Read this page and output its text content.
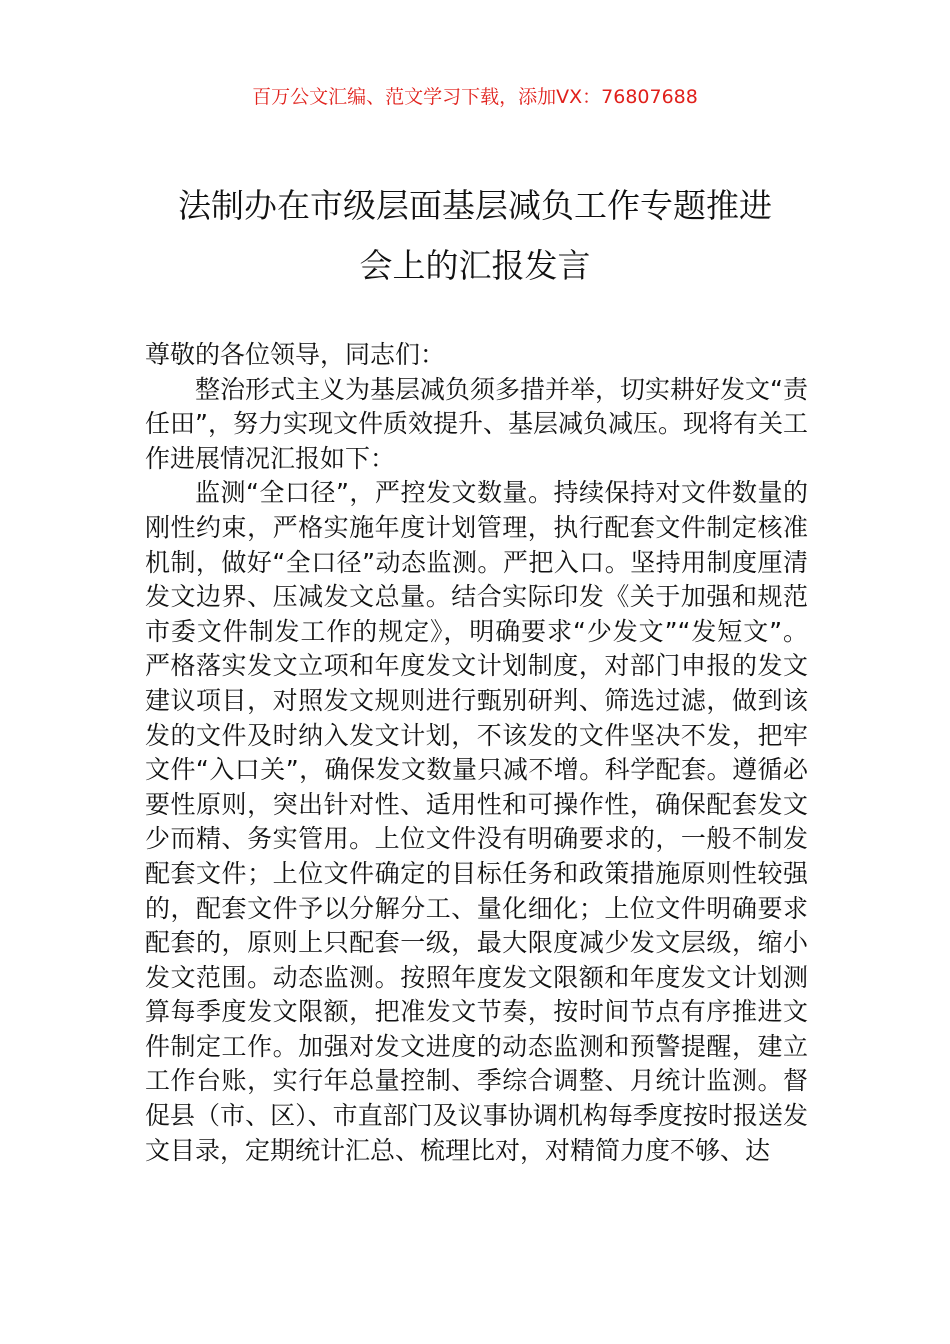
百万公文汇编、范文学习下载，添加VX：76807688
法制办在市级层面基层减负工作专题推进
会上的汇报发言

尊敬的各位领导，同志们：

整治形式主义为基层减负须多措并举，切实耕好发文“责任田”，努力实现文件质效提升、基层减负减压。现将有关工作进展情况汇报如下：

监测“全口径”，严控发文数量。持续保持对文件数量的刚性约束，严格实施年度计划管理，执行配套文件制定核准机制，做好“全口径”动态监测。严把入口。坚持用制度厘清发文边界、压减发文总量。结合实际印发《关于加强和规范市委文件制发工作的规定》，明确要求“少发文”“发短文”。严格落实发文立项和年度发文计划制度，对部门申报的发文建议项目，对照发文规则进行甄别研判、筛选过滤，做到该发的文件及时纳入发文计划，不该发的文件坚决不发，把牢文件“入口关”，确保发文数量只减不增。科学配套。遵循必要性原则，突出针对性、适用性和可操作性，确保配套发文少而精、务实管用。上位文件没有明确要求的，一般不制发配套文件；上位文件确定的目标任务和政策措施原则性较强的，配套文件予以分解分工、量化细化；上位文件明确要求配套的，原则上只配套一级，最大限度减少发文层级，缩小发文范围。动态监测。按照年度发文限额和年度发文计划测算每季度发文限额，把准发文节奏，按时间节点有序推进文件制定工作。加强对发文进度的动态监测和预警提醒，建立工作台账，实行年总量控制、季综合调整、月统计监测。督促县（市、区）、市直部门及议事协调机构每季度按时报送发文目录，定期统计汇总、梳理比对，对精简力度不够、达
